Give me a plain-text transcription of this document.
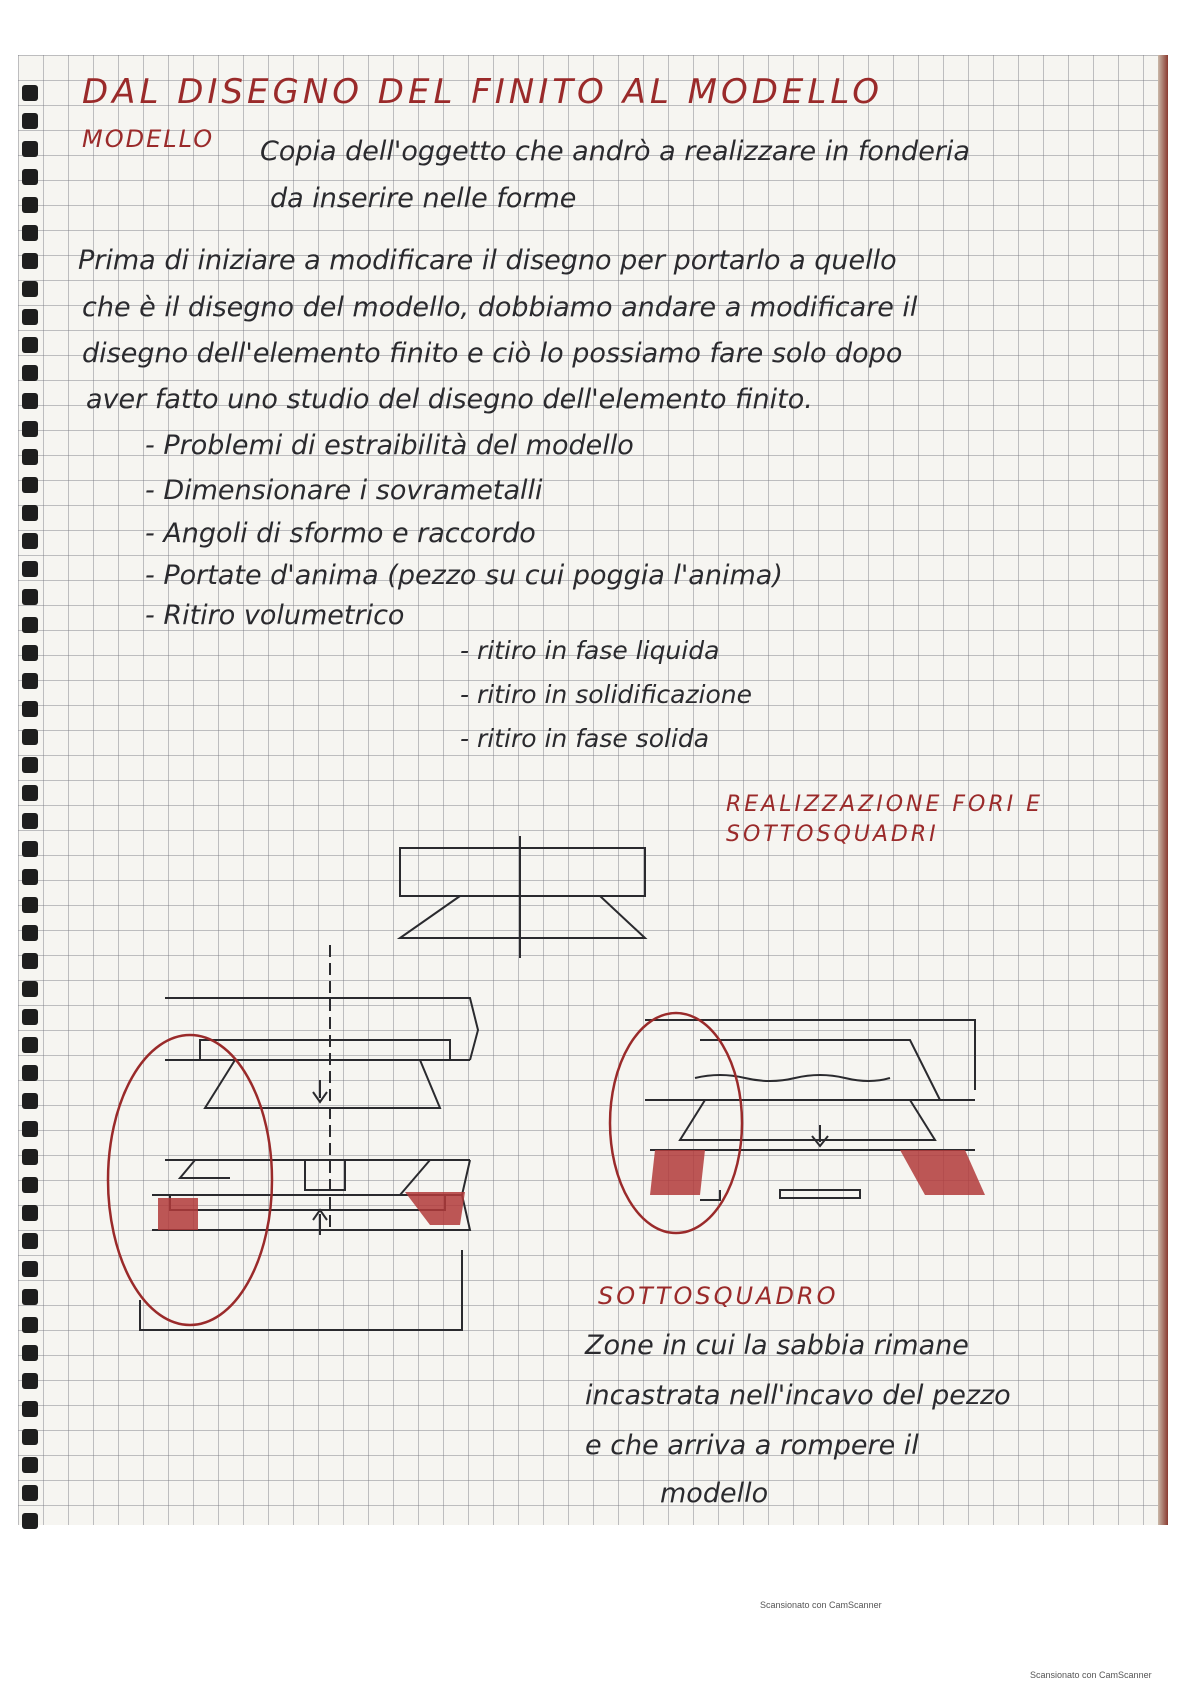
DAL DISEGNO DEL FINITO AL MODELLO
MODELLO Copia dell'oggetto che andrò a realizzare in fonderia
da inserire nelle forme
Prima di iniziare a modificare il disegno per portarlo a quello
che è il disegno del modello, dobbiamo andare a modificare il
disegno dell'elemento finito e ciò lo possiamo fare solo dopo
aver fatto uno studio del disegno dell'elemento finito.
- Problemi di estraibilità del modello
- Dimensionare i sovrametalli
- Angoli di sformo e raccordo
- Portate d'anima (pezzo su cui poggia l'anima)
- Ritiro volumetrico
- ritiro in fase liquida
- ritiro in solidificazione
- ritiro in fase solida
REALIZZAZIONE FORI E SOTTOSQUADRI
SOTTOSQUADRO
Zone in cui la sabbia rimane
incastrata nell'incavo del pezzo
e che arriva a rompere il
modello
Scansionato con CamScanner
Scansionato con CamScanner
